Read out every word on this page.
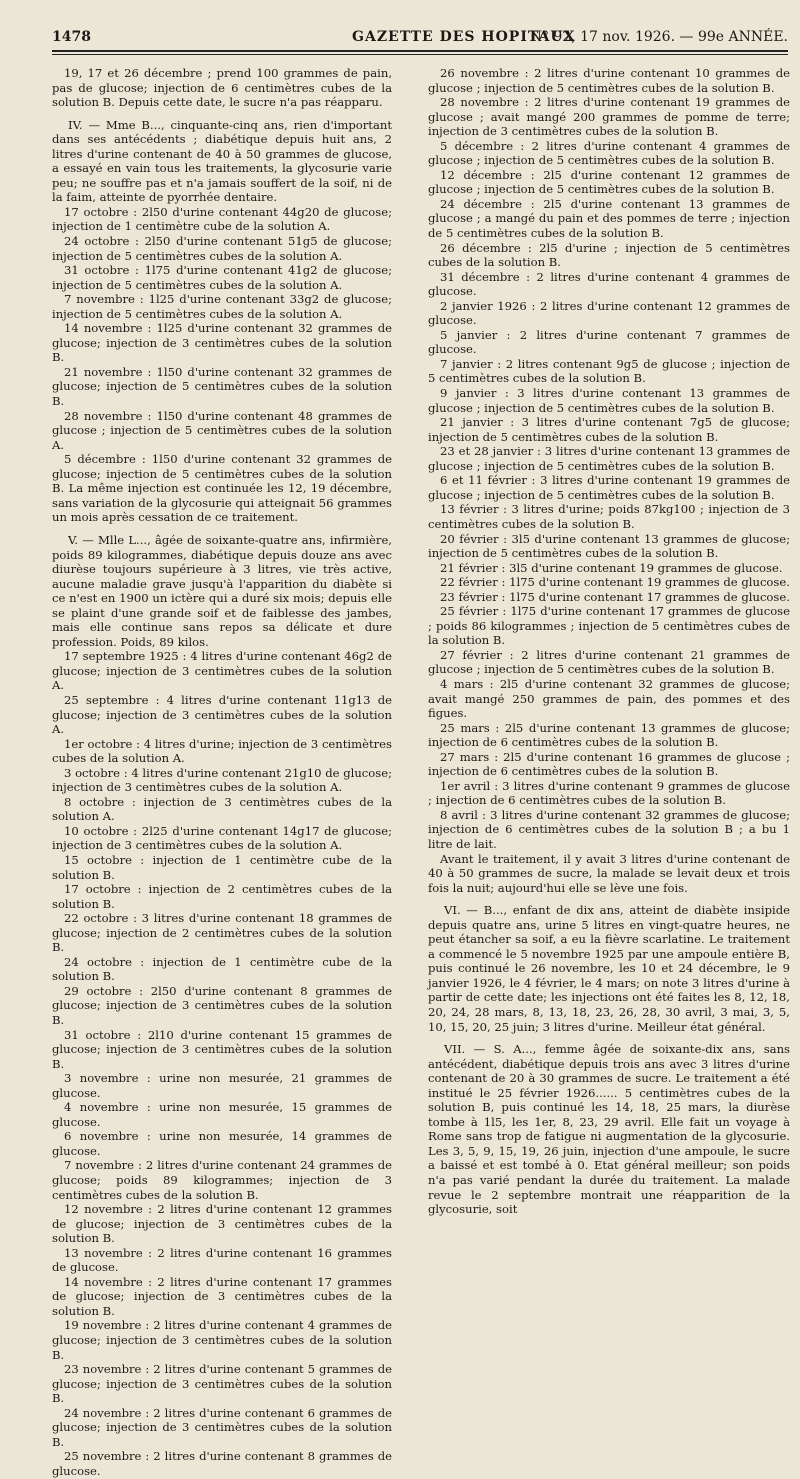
1478	GAZETTE DES HOPITAUX
N° 92, 17 nov. 1926. — 99e ANNÉE.

19, 17 et 26 décembre ; prend 100 grammes de pain, pas de glucose; injection de 6 centimètres cubes de la solution B. Depuis cette date, le sucre n'a pas réapparu.

IV. — Mme B..., cinquante-cinq ans, rien d'important dans ses antécédents ; diabétique depuis huit ans, 2 litres d'urine contenant de 40 à 50 grammes de glucose, a essayé en vain tous les traitements, la glycosurie varie peu; ne souffre pas et n'a jamais souffert de la soif, ni de la faim, atteinte de pyorrhée dentaire.

17 octobre : 2l50 d'urine contenant 44g20 de glucose; injection de 1 centimètre cube de la solution A.

24 octobre : 2l50 d'urine contenant 51g5 de glucose; injection de 5 centimètres cubes de la solution A.

31 octobre : 1l75 d'urine contenant 41g2 de glucose; injection de 5 centimètres cubes de la solution A.

7 novembre : 1l25 d'urine contenant 33g2 de glucose; injection de 5 centimètres cubes de la solution A.

14 novembre : 1l25 d'urine contenant 32 grammes de glucose; injection de 3 centimètres cubes de la solution B.

21 novembre : 1l50 d'urine contenant 32 grammes de glucose; injection de 5 centimètres cubes de la solution B.

28 novembre : 1l50 d'urine contenant 48 grammes de glucose ; injection de 5 centimètres cubes de la solution A.

5 décembre : 1l50 d'urine contenant 32 grammes de glucose; injection de 5 centimètres cubes de la solution B. La même injection est continuée les 12, 19 décembre, sans variation de la glycosurie qui atteignait 56 grammes un mois après cessation de ce traitement.

V. — Mlle L..., âgée de soixante-quatre ans, infirmière, poids 89 kilogrammes, diabétique depuis douze ans avec diurèse toujours supérieure à 3 litres, vie très active, aucune maladie grave jusqu'à l'apparition du diabète si ce n'est en 1900 un ictère qui a duré six mois; depuis elle se plaint d'une grande soif et de faiblesse des jambes, mais elle continue sans repos sa délicate et dure profession. Poids, 89 kilos.

17 septembre 1925 : 4 litres d'urine contenant 46g2 de glucose; injection de 3 centimètres cubes de la solution A.

25 septembre : 4 litres d'urine contenant 11g13 de glucose; injection de 3 centimètres cubes de la solution A.

1er octobre : 4 litres d'urine; injection de 3 centimètres cubes de la solution A.

3 octobre : 4 litres d'urine contenant 21g10 de glucose; injection de 3 centimètres cubes de la solution A.

8 octobre : injection de 3 centimètres cubes de la solution A.

10 octobre : 2l25 d'urine contenant 14g17 de glucose; injection de 3 centimètres cubes de la solution A.

15 octobre : injection de 1 centimètre cube de la solution B.

17 octobre : injection de 2 centimètres cubes de la solution B.

22 octobre : 3 litres d'urine contenant 18 grammes de glucose; injection de 2 centimètres cubes de la solution B.

24 octobre : injection de 1 centimètre cube de la solution B.

29 octobre : 2l50 d'urine contenant 8 grammes de glucose; injection de 3 centimètres cubes de la solution B.

31 octobre : 2l10 d'urine contenant 15 grammes de glucose; injection de 3 centimètres cubes de la solution B.

3 novembre : urine non mesurée, 21 grammes de glucose.

4 novembre : urine non mesurée, 15 grammes de glucose.

6 novembre : urine non mesurée, 14 grammes de glucose.

7 novembre : 2 litres d'urine contenant 24 grammes de glucose; poids 89 kilogrammes; injection de 3 centimètres cubes de la solution B.

12 novembre : 2 litres d'urine contenant 12 grammes de glucose; injection de 3 centimètres cubes de la solution B.

13 novembre : 2 litres d'urine contenant 16 grammes de glucose.

14 novembre : 2 litres d'urine contenant 17 grammes de glucose; injection de 3 centimètres cubes de la solution B.

19 novembre : 2 litres d'urine contenant 4 grammes de glucose; injection de 3 centimètres cubes de la solution B.

23 novembre : 2 litres d'urine contenant 5 grammes de glucose; injection de 3 centimètres cubes de la solution B.

24 novembre : 2 litres d'urine contenant 6 grammes de glucose; injection de 3 centimètres cubes de la solution B.

25 novembre : 2 litres d'urine contenant 8 grammes de glucose.

26 novembre : 2 litres d'urine contenant 10 grammes de glucose ; injection de 5 centimètres cubes de la solution B.

28 novembre : 2 litres d'urine contenant 19 grammes de glucose ; avait mangé 200 grammes de pomme de terre; injection de 3 centimètres cubes de la solution B.

5 décembre : 2 litres d'urine contenant 4 grammes de glucose ; injection de 5 centimètres cubes de la solution B.

12 décembre : 2l5 d'urine contenant 12 grammes de glucose ; injection de 5 centimètres cubes de la solution B.

24 décembre : 2l5 d'urine contenant 13 grammes de glucose ; a mangé du pain et des pommes de terre ; injection de 5 centimètres cubes de la solution B.

26 décembre : 2l5 d'urine ; injection de 5 centimètres cubes de la solution B.

31 décembre : 2 litres d'urine contenant 4 grammes de glucose.

2 janvier 1926 : 2 litres d'urine contenant 12 grammes de glucose.

5 janvier : 2 litres d'urine contenant 7 grammes de glucose.

7 janvier : 2 litres contenant 9g5 de glucose ; injection de 5 centimètres cubes de la solution B.

9 janvier : 3 litres d'urine contenant 13 grammes de glucose ; injection de 5 centimètres cubes de la solution B.

21 janvier : 3 litres d'urine contenant 7g5 de glucose; injection de 5 centimètres cubes de la solution B.

23 et 28 janvier : 3 litres d'urine contenant 13 grammes de glucose ; injection de 5 centimètres cubes de la solution B.

6 et 11 février : 3 litres d'urine contenant 19 grammes de glucose ; injection de 5 centimètres cubes de la solution B.

13 février : 3 litres d'urine; poids 87kg100 ; injection de 3 centimètres cubes de la solution B.

20 février : 3l5 d'urine contenant 13 grammes de glucose; injection de 5 centimètres cubes de la solution B.

21 février : 3l5 d'urine contenant 19 grammes de glucose.

22 février : 1l75 d'urine contenant 19 grammes de glucose.

23 février : 1l75 d'urine contenant 17 grammes de glucose.

25 février : 1l75 d'urine contenant 17 grammes de glucose ; poids 86 kilogrammes ; injection de 5 centimètres cubes de la solution B.

27 février : 2 litres d'urine contenant 21 grammes de glucose ; injection de 5 centimètres cubes de la solution B.

4 mars : 2l5 d'urine contenant 32 grammes de glucose; avait mangé 250 grammes de pain, des pommes et des figues.

25 mars : 2l5 d'urine contenant 13 grammes de glucose; injection de 6 centimètres cubes de la solution B.

27 mars : 2l5 d'urine contenant 16 grammes de glucose ; injection de 6 centimètres cubes de la solution B.

1er avril : 3 litres d'urine contenant 9 grammes de glucose ; injection de 6 centimètres cubes de la solution B.

8 avril : 3 litres d'urine contenant 32 grammes de glucose; injection de 6 centimètres cubes de la solution B ; a bu 1 litre de lait.

Avant le traitement, il y avait 3 litres d'urine contenant de 40 à 50 grammes de sucre, la malade se levait deux et trois fois la nuit; aujourd'hui elle se lève une fois.

VI. — B..., enfant de dix ans, atteint de diabète insipide depuis quatre ans, urine 5 litres en vingt-quatre heures, ne peut étancher sa soif, a eu la fièvre scarlatine. Le traitement a commencé le 5 novembre 1925 par une ampoule entière B, puis continué le 26 novembre, les 10 et 24 décembre, le 9 janvier 1926, le 4 février, le 4 mars; on note 3 litres d'urine à partir de cette date; les injections ont été faites les 8, 12, 18, 20, 24, 28 mars, 8, 13, 18, 23, 26, 28, 30 avril, 3 mai, 3, 5, 10, 15, 20, 25 juin; 3 litres d'urine. Meilleur état général.

VII. — S. A..., femme âgée de soixante-dix ans, sans antécédent, diabétique depuis trois ans avec 3 litres d'urine contenant de 20 à 30 grammes de sucre. Le traitement a été institué le 25 février 1926...... 5 centimètres cubes de la solution B, puis continué les 14, 18, 25 mars, la diurèse tombe à 1l5, les 1er, 8, 23, 29 avril. Elle fait un voyage à Rome sans trop de fatigue ni augmentation de la glycosurie. Les 3, 5, 9, 15, 19, 26 juin, injection d'une ampoule, le sucre a baissé et est tombé à 0. Etat général meilleur; son poids n'a pas varié pendant la durée du traitement. La malade revue le 2 septembre montrait une réapparition de la glycosurie, soit
